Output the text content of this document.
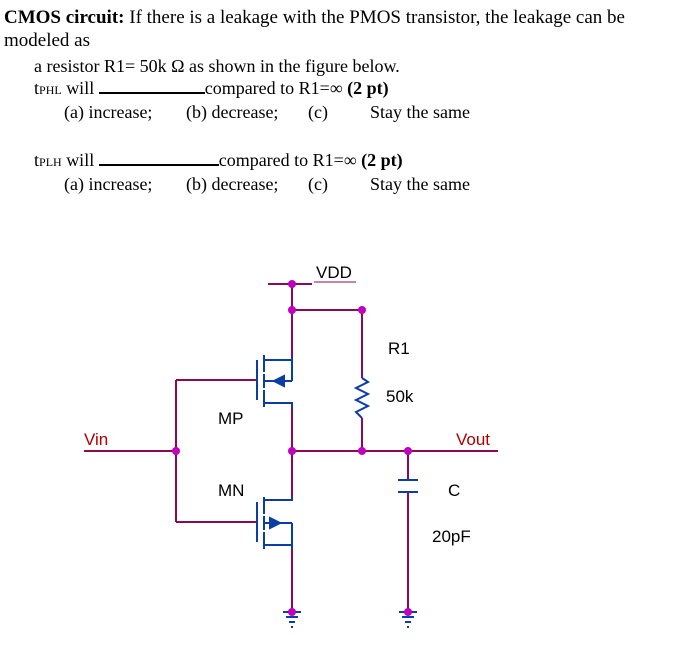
CMOS circuit: If there is a leakage with the PMOS transistor, the leakage can be modeled as
a resistor R1= 50k Ω as shown in the figure below.
tPHL will	compared to R1=∞ (2 pt)
(a) increase; (b) decrease; (c) Stay the same
tPLH will	compared to R1=∞ (2 pt)
(a) increase; (b) decrease; (c) Stay the same
VDD
Vin	Vout
MP
MN
R1
50k
C
20pF
